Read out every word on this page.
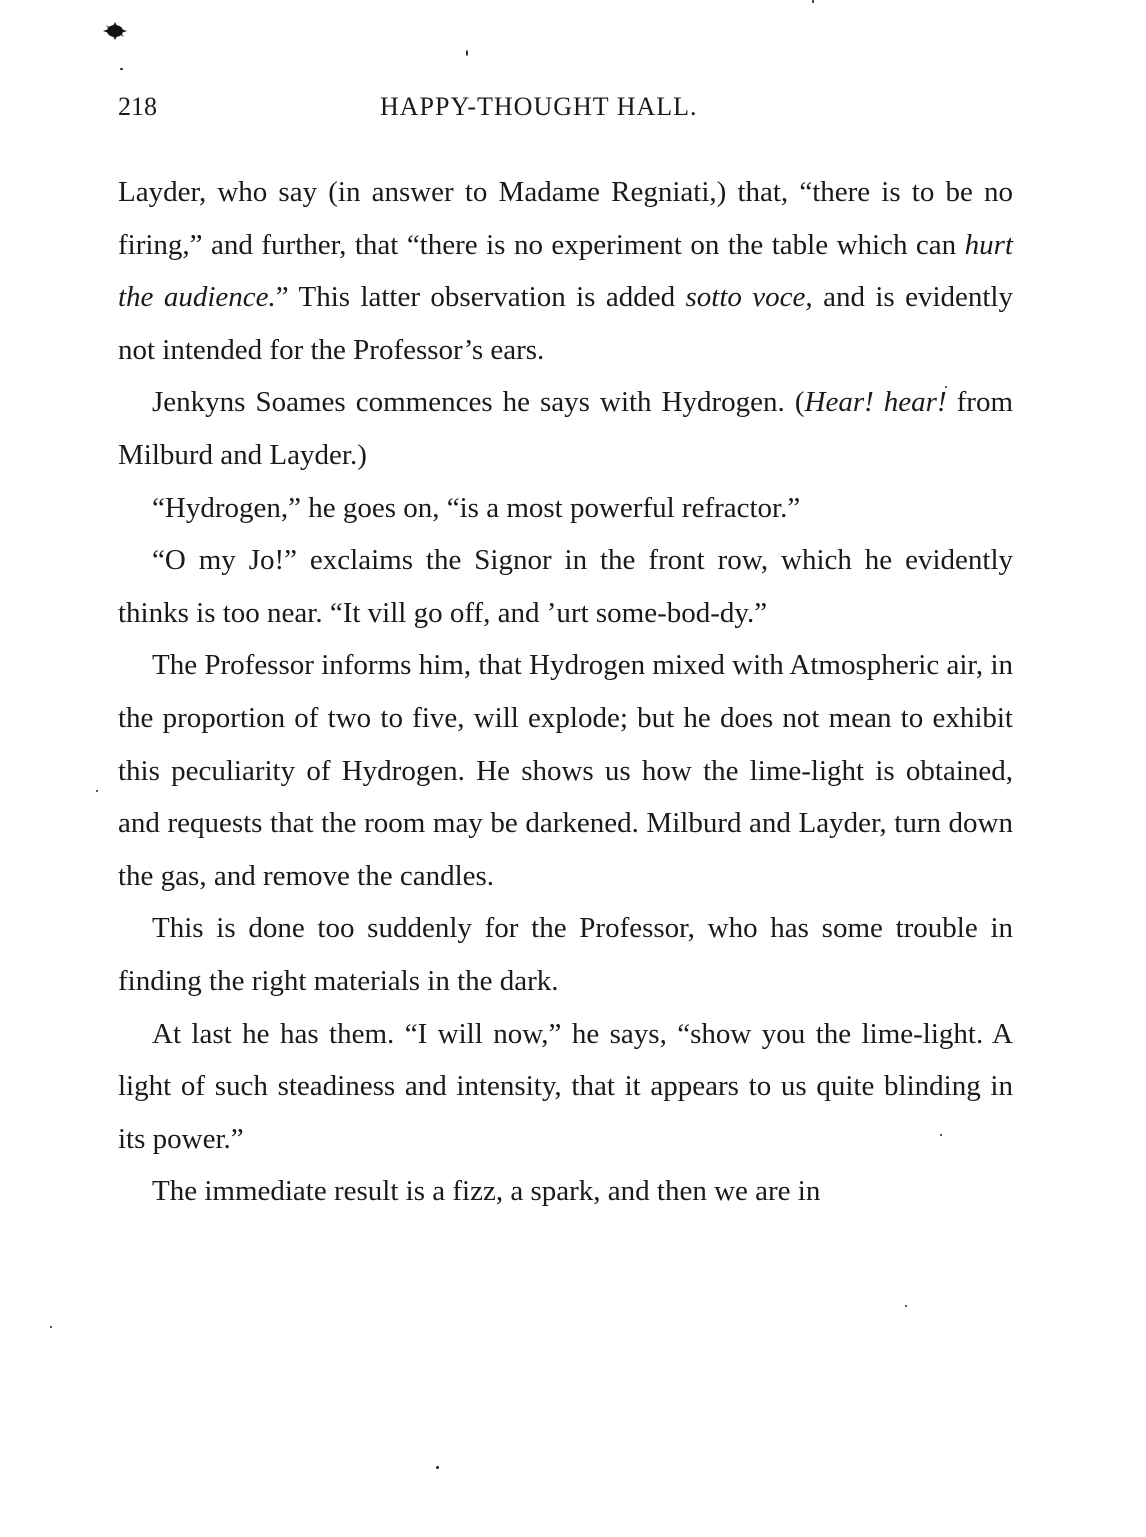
218	HAPPY-THOUGHT HALL.

Layder, who say (in answer to Madame Regniati,) that, “there is to be no firing,” and further, that “there is no experiment on the table which can hurt the audience.” This latter observation is added sotto voce, and is evidently not intended for the Professor’s ears.

Jenkyns Soames commences he says with Hydrogen. (Hear! hear! from Milburd and Layder.)

“Hydrogen,” he goes on, “is a most powerful refractor.”

“O my Jo!” exclaims the Signor in the front row, which he evidently thinks is too near. “It vill go off, and ’urt some-bod-dy.”

The Professor informs him, that Hydrogen mixed with Atmospheric air, in the proportion of two to five, will explode; but he does not mean to exhibit this peculiarity of Hydrogen. He shows us how the lime-light is obtained, and requests that the room may be darkened. Milburd and Layder, turn down the gas, and remove the candles.

This is done too suddenly for the Professor, who has some trouble in finding the right materials in the dark.

At last he has them. “I will now,” he says, “show you the lime-light. A light of such steadiness and intensity, that it appears to us quite blinding in its power.”

The immediate result is a fizz, a spark, and then we are in
